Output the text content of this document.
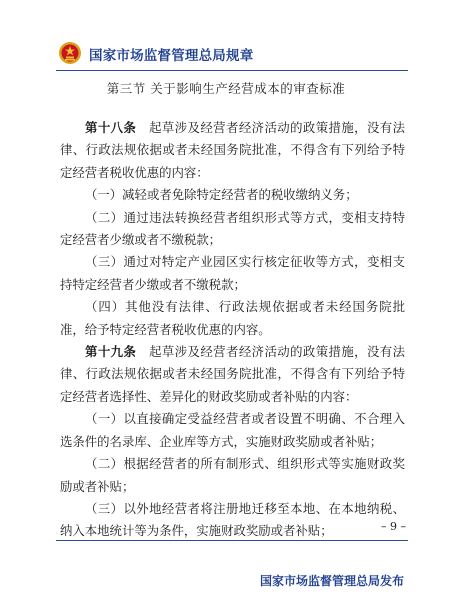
国家市场监督管理总局规章
第三节 关于影响生产经营成本的审查标准

第十八条　起草涉及经营者经济活动的政策措施，没有法律、行政法规依据或者未经国务院批准，不得含有下列给予特定经营者税收优惠的内容：

（一）减轻或者免除特定经营者的税收缴纳义务；

（二）通过违法转换经营者组织形式等方式，变相支持特定经营者少缴或者不缴税款；

（三）通过对特定产业园区实行核定征收等方式，变相支持特定经营者少缴或者不缴税款；

（四）其他没有法律、行政法规依据或者未经国务院批准，给予特定经营者税收优惠的内容。

第十九条　起草涉及经营者经济活动的政策措施，没有法律、行政法规依据或者未经国务院批准，不得含有下列给予特定经营者选择性、差异化的财政奖励或者补贴的内容：

（一）以直接确定受益经营者或者设置不明确、不合理入选条件的名录库、企业库等方式，实施财政奖励或者补贴；

（二）根据经营者的所有制形式、组织形式等实施财政奖励或者补贴；

（三）以外地经营者将注册地迁移至本地、在本地纳税、纳入本地统计等为条件，实施财政奖励或者补贴；	– 9 –
国家市场监督管理总局发布
